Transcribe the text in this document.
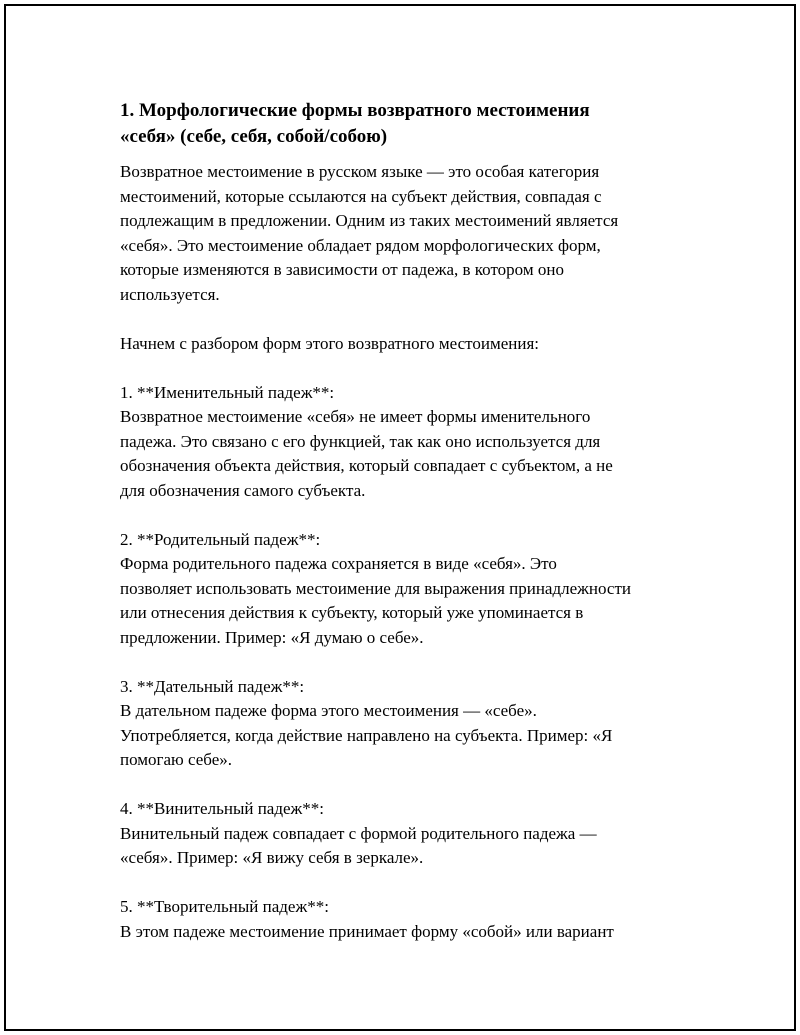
1. Морфологические формы возвратного местоимения
«себя» (себе, себя, собой/собою)
Возвратное местоимение в русском языке — это особая категория
местоимений, которые ссылаются на субъект действия, совпадая с
подлежащим в предложении. Одним из таких местоимений является
«себя». Это местоимение обладает рядом морфологических форм,
которые изменяются в зависимости от падежа, в котором оно
используется.

Начнем с разбором форм этого возвратного местоимения:

1. **Именительный падеж**:
Возвратное местоимение «себя» не имеет формы именительного
падежа. Это связано с его функцией, так как оно используется для
обозначения объекта действия, который совпадает с субъектом, а не
для обозначения самого субъекта.

2. **Родительный падеж**:
Форма родительного падежа сохраняется в виде «себя». Это
позволяет использовать местоимение для выражения принадлежности
или отнесения действия к субъекту, который уже упоминается в
предложении. Пример: «Я думаю о себе».

3. **Дательный падеж**:
В дательном падеже форма этого местоимения — «себе».
Употребляется, когда действие направлено на субъекта. Пример: «Я
помогаю себе».

4. **Винительный падеж**:
Винительный падеж совпадает с формой родительного падежа —
«себя». Пример: «Я вижу себя в зеркале».

5. **Творительный падеж**:
В этом падеже местоимение принимает форму «собой» или вариант
